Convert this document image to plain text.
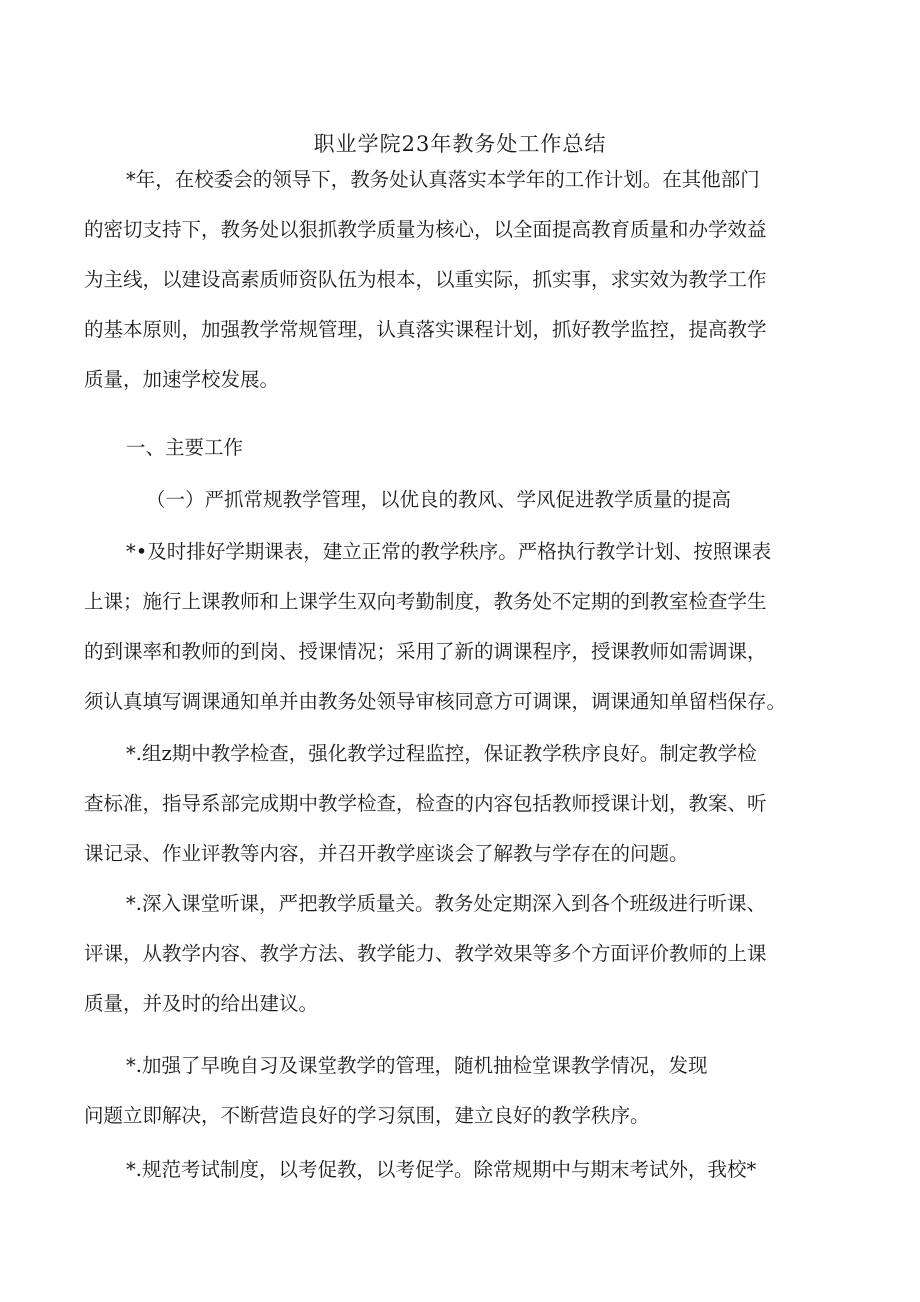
职业学院23年教务处工作总结
*年，在校委会的领导下，教务处认真落实本学年的工作计划。在其他部门
的密切支持下，教务处以狠抓教学质量为核心，以全面提高教育质量和办学效益
为主线，以建设高素质师资队伍为根本，以重实际，抓实事，求实效为教学工作
的基本原则，加强教学常规管理，认真落实课程计划，抓好教学监控，提高教学
质量，加速学校发展。
一、主要工作
（一）严抓常规教学管理，以优良的教风、学风促进教学质量的提高
*•及时排好学期课表，建立正常的教学秩序。严格执行教学计划、按照课表
上课；施行上课教师和上课学生双向考勤制度，教务处不定期的到教室检查学生
的到课率和教师的到岗、授课情况；采用了新的调课程序，授课教师如需调课，
须认真填写调课通知单并由教务处领导审核同意方可调课，调课通知单留档保存。
*.组z期中教学检查，强化教学过程监控，保证教学秩序良好。制定教学检
查标准，指导系部完成期中教学检查，检查的内容包括教师授课计划，教案、听
课记录、作业评教等内容，并召开教学座谈会了解教与学存在的问题。
*.深入课堂听课，严把教学质量关。教务处定期深入到各个班级进行听课、
评课，从教学内容、教学方法、教学能力、教学效果等多个方面评价教师的上课
质量，并及时的给出建议。
*.加强了早晚自习及课堂教学的管理，随机抽检堂课教学情况，发现
问题立即解决，不断营造良好的学习氛围，建立良好的教学秩序。
*.规范考试制度，以考促教，以考促学。除常规期中与期末考试外，我校*
